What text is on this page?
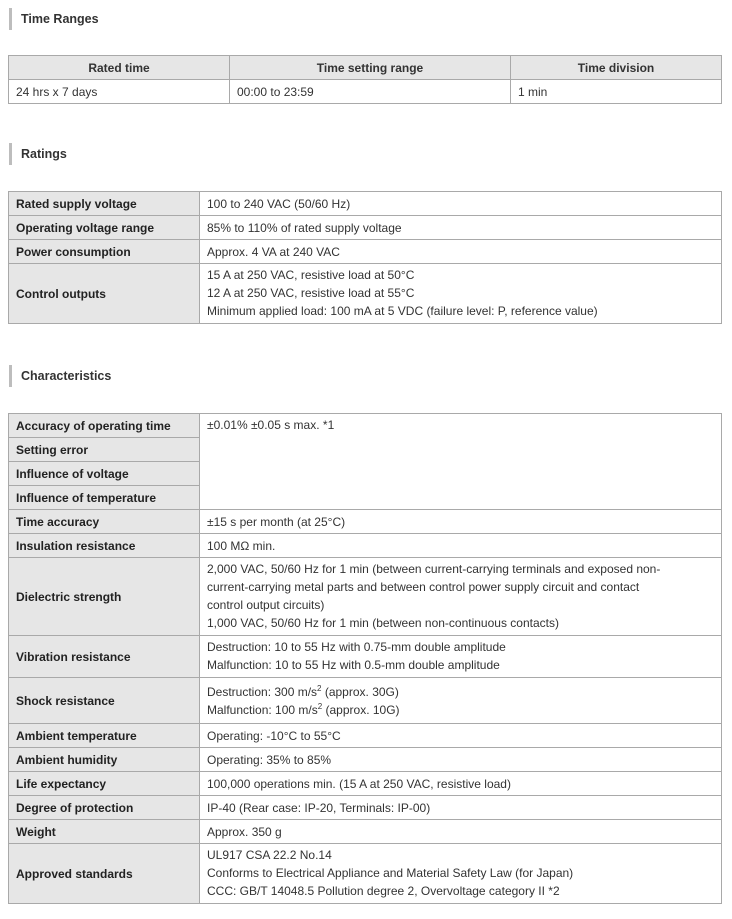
Time Ranges
Rated time	Time setting range	Time division
24 hrs x 7 days	00:00 to 23:59	1 min
Ratings
Rated supply voltage	100 to 240 VAC (50/60 Hz)
Operating voltage range	85% to 110% of rated supply voltage
Power consumption	Approx. 4 VA at 240 VAC
Control outputs	15 A at 250 VAC, resistive load at 50°C
12 A at 250 VAC, resistive load at 55°C
Minimum applied load: 100 mA at 5 VDC (failure level: P, reference value)
Characteristics
Accuracy of operating time	±0.01% ±0.05 s max. *1
Setting error	
Influence of voltage	
Influence of temperature	
Time accuracy	±15 s per month (at 25°C)
Insulation resistance	100 MΩ min.
Dielectric strength	2,000 VAC, 50/60 Hz for 1 min (between current-carrying terminals and exposed non-
current-carrying metal parts and between control power supply circuit and contact
control output circuits)
1,000 VAC, 50/60 Hz for 1 min (between non-continuous contacts)

Vibration resistance	Destruction: 10 to 55 Hz with 0.75-mm double amplitude
Malfunction: 10 to 55 Hz with 0.5-mm double amplitude

Shock resistance	Destruction: 300 $m/s^2$ (approx. 30G)
Malfunction: 100 $m/s^2$ (approx. 10G)

Ambient temperature	Operating: -10°C to 55°C
Ambient humidity	Operating: 35% to 85%
Life expectancy	100,000 operations min. (15 A at 250 VAC, resistive load)
Degree of protection	IP-40 (Rear case: IP-20, Terminals: IP-00)
Weight	Approx. 350 g
Approved standards	UL917 CSA 22.2 No.14
Conforms to Electrical Appliance and Material Safety Law (for Japan)
CCC: GB/T 14048.5 Pollution degree 2, Overvoltage category II *2
